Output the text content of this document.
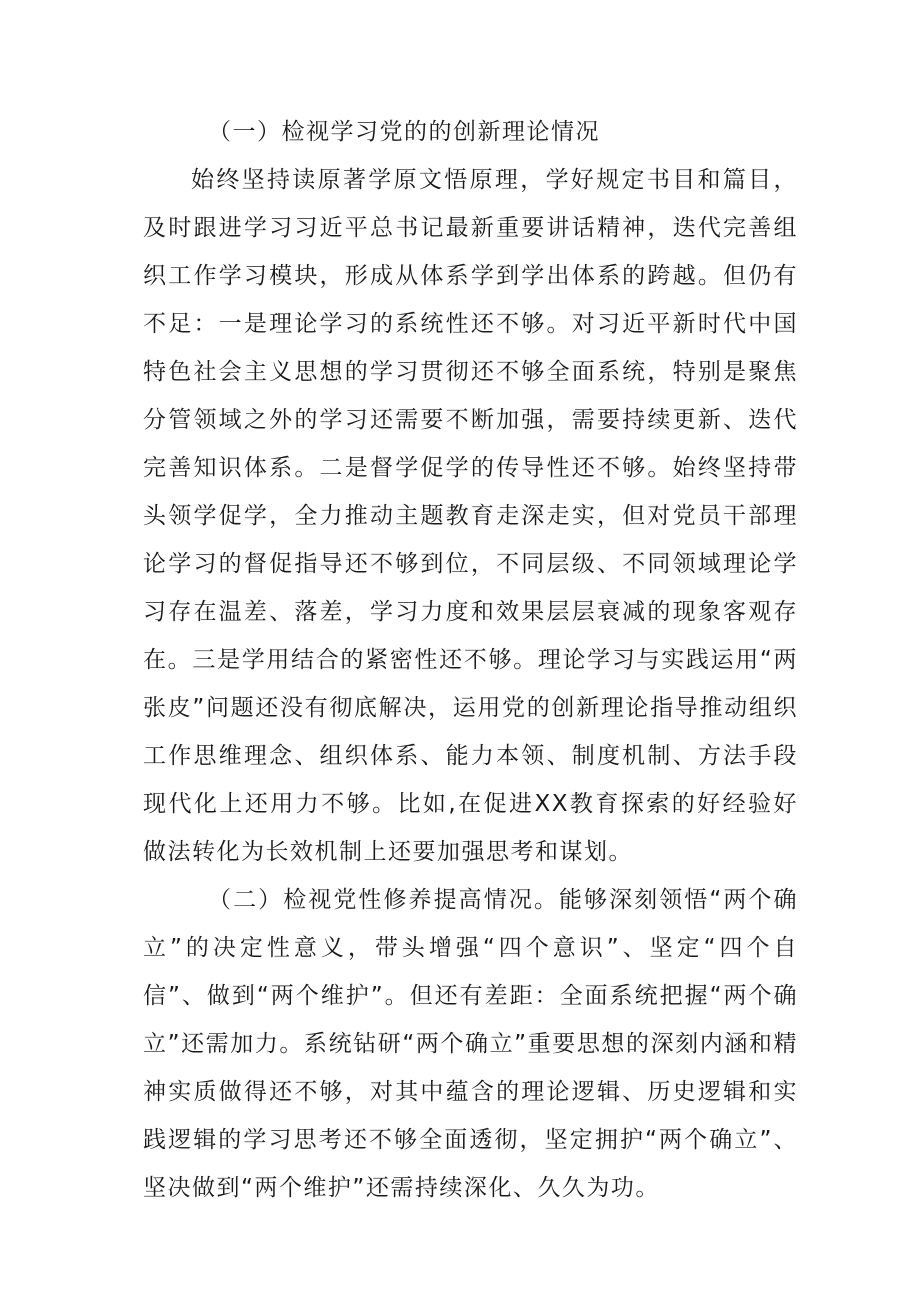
（一）检视学习党的的创新理论情况

始终坚持读原著学原文悟原理，学好规定书目和篇目，及时跟进学习习近平总书记最新重要讲话精神，迭代完善组织工作学习模块，形成从体系学到学出体系的跨越。但仍有不足：一是理论学习的系统性还不够。对习近平新时代中国特色社会主义思想的学习贯彻还不够全面系统，特别是聚焦分管领域之外的学习还需要不断加强，需要持续更新、迭代完善知识体系。二是督学促学的传导性还不够。始终坚持带头领学促学，全力推动主题教育走深走实，但对党员干部理论学习的督促指导还不够到位，不同层级、不同领域理论学习存在温差、落差，学习力度和效果层层衰减的现象客观存在。三是学用结合的紧密性还不够。理论学习与实践运用“两张皮”问题还没有彻底解决，运用党的创新理论指导推动组织工作思维理念、组织体系、能力本领、制度机制、方法手段现代化上还用力不够。比如,在促进XX教育探索的好经验好做法转化为长效机制上还要加强思考和谋划。

（二）检视党性修养提高情况。能够深刻领悟“两个确立”的决定性意义，带头增强“四个意识”、坚定“四个自信”、做到“两个维护”。但还有差距：全面系统把握“两个确立”还需加力。系统钻研“两个确立”重要思想的深刻内涵和精神实质做得还不够，对其中蕴含的理论逻辑、历史逻辑和实践逻辑的学习思考还不够全面透彻，坚定拥护“两个确立”、坚决做到“两个维护”还需持续深化、久久为功。
